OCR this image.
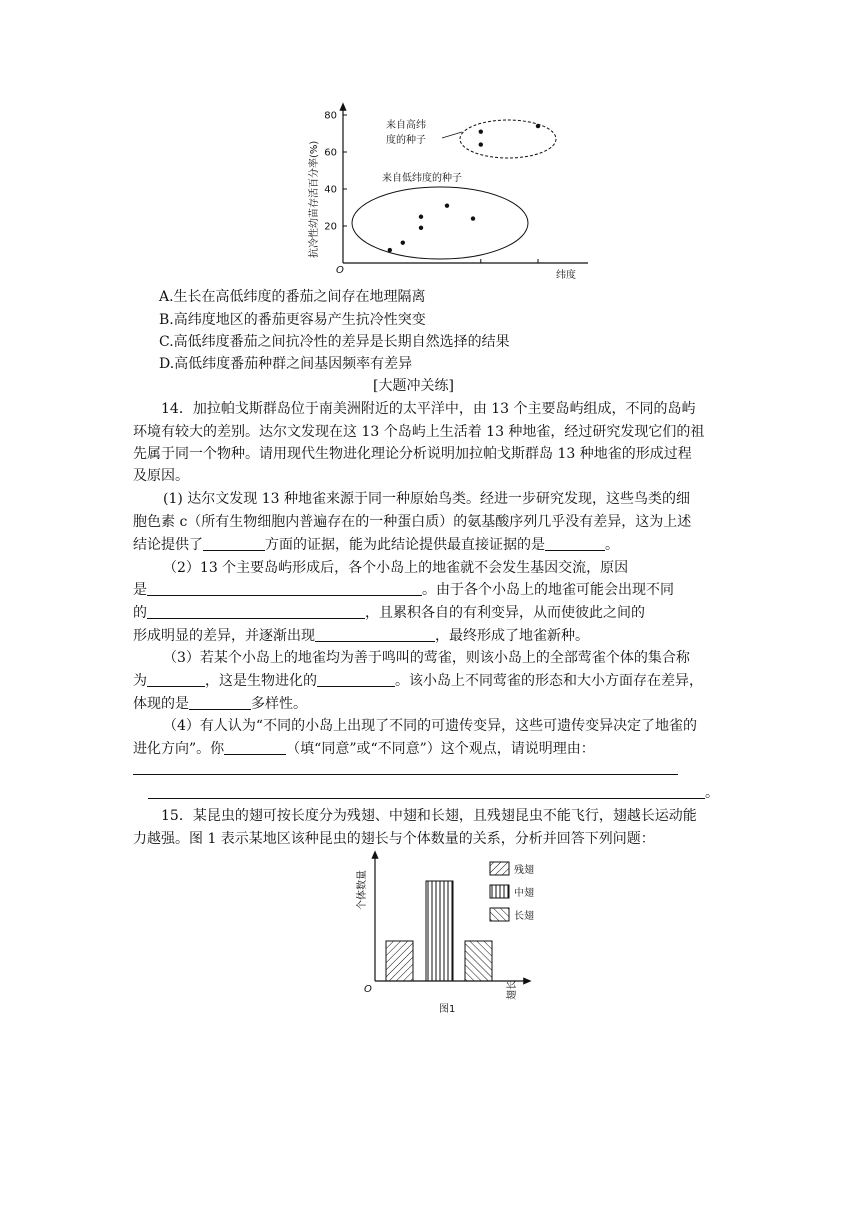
20
40
60
80
O	纬度
抗冷性幼苗存活百分率(%)
来自高纬
度的种子
来自低纬度的种子
A.生长在高低纬度的番茄之间存在地理隔离
B.高纬度地区的番茄更容易产生抗冷性突变
C.高低纬度番茄之间抗冷性的差异是长期自然选择的结果
D.高低纬度番茄种群之间基因频率有差异
[大题冲关练]
14．加拉帕戈斯群岛位于南美洲附近的太平洋中，由 13 个主要岛屿组成，不同的岛屿
环境有较大的差别。达尔文发现在这 13 个岛屿上生活着 13 种地雀，经过研究发现它们的祖
先属于同一个物种。请用现代生物进化理论分析说明加拉帕戈斯群岛 13 种地雀的形成过程
及原因。
(1) 达尔文发现 13 种地雀来源于同一种原始鸟类。经进一步研究发现，这些鸟类的细
胞色素 c（所有生物细胞内普遍存在的一种蛋白质）的氨基酸序列几乎没有差异，这为上述
结论提供了	方面的证据，能为此结论提供最直接证据的是	。
（2）13 个主要岛屿形成后，各个小岛上的地雀就不会发生基因交流，原因
是	。由于各个小岛上的地雀可能会出现不同
的	，且累积各自的有利变异，从而使彼此之间的
形成明显的差异，并逐渐出现	，最终形成了地雀新种。
（3）若某个小岛上的地雀均为善于鸣叫的莺雀，则该小岛上的全部莺雀个体的集合称
为	，这是生物进化的	。该小岛上不同莺雀的形态和大小方面存在差异，
体现的是	多样性。
（4）有人认为“不同的小岛上出现了不同的可遗传变异，这些可遗传变异决定了地雀的
进化方向”。你	（填“同意”或“不同意”）这个观点，请说明理由：
。
15．某昆虫的翅可按长度分为残翅、中翅和长翅，且残翅昆虫不能飞行，翅越长运动能
力越强。图 1 表示某地区该种昆虫的翅长与个体数量的关系，分析并回答下列问题：
O
个体数量
翅长
图1
残翅
中翅
长翅
